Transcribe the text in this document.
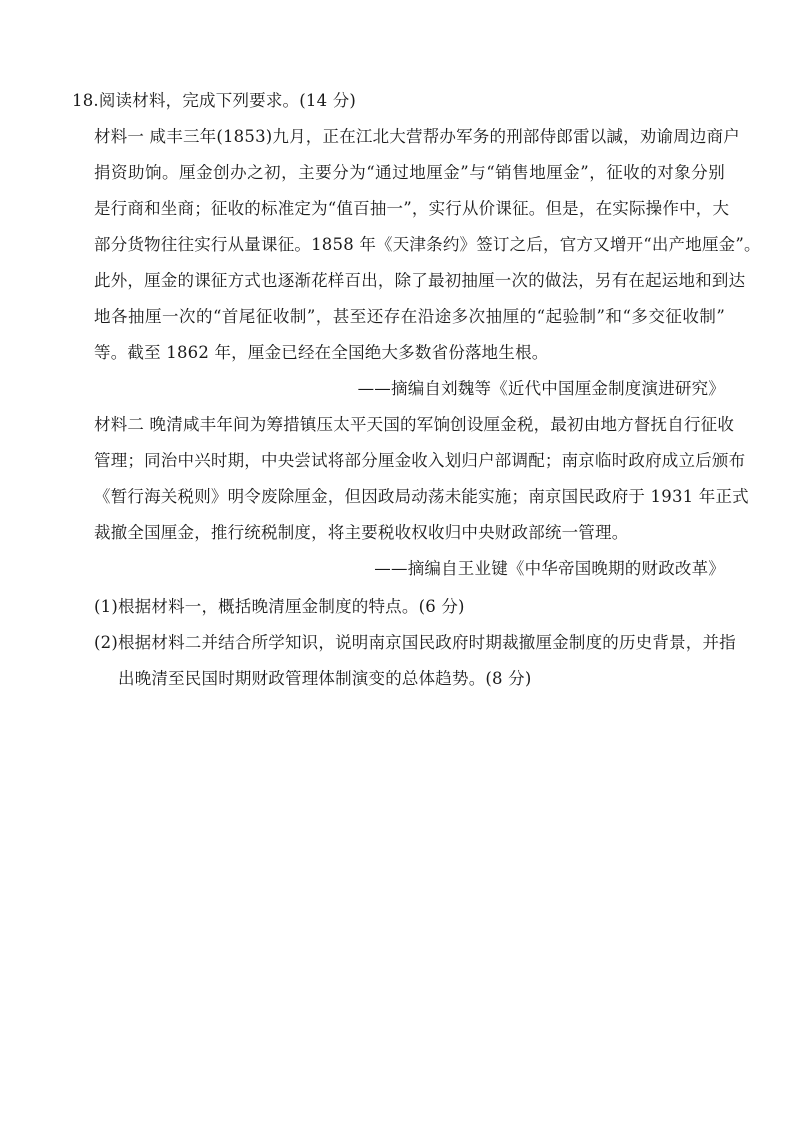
18.阅读材料，完成下列要求。(14 分)
材料一 咸丰三年(1853)九月，正在江北大营帮办军务的刑部侍郎雷以諴，劝谕周边商户
捐资助饷。厘金创办之初，主要分为“通过地厘金”与“销售地厘金”，征收的对象分别
是行商和坐商；征收的标准定为“值百抽一”，实行从价课征。但是，在实际操作中，大
部分货物往往实行从量课征。1858 年《天津条约》签订之后，官方又增开“出产地厘金”。
此外，厘金的课征方式也逐渐花样百出，除了最初抽厘一次的做法，另有在起运地和到达
地各抽厘一次的“首尾征收制”，甚至还存在沿途多次抽厘的“起验制”和“多交征收制”
等。截至 1862 年，厘金已经在全国绝大多数省份落地生根。
——摘编自刘魏等《近代中国厘金制度演进研究》
材料二 晚清咸丰年间为筹措镇压太平天国的军饷创设厘金税，最初由地方督抚自行征收
管理；同治中兴时期，中央尝试将部分厘金收入划归户部调配；南京临时政府成立后颁布
《暂行海关税则》明令废除厘金，但因政局动荡未能实施；南京国民政府于 1931 年正式
裁撤全国厘金，推行统税制度，将主要税收权收归中央财政部统一管理。
——摘编自王业键《中华帝国晚期的财政改革》
(1)根据材料一，概括晚清厘金制度的特点。(6 分)
(2)根据材料二并结合所学知识，说明南京国民政府时期裁撤厘金制度的历史背景，并指
出晚清至民国时期财政管理体制演变的总体趋势。(8 分)
